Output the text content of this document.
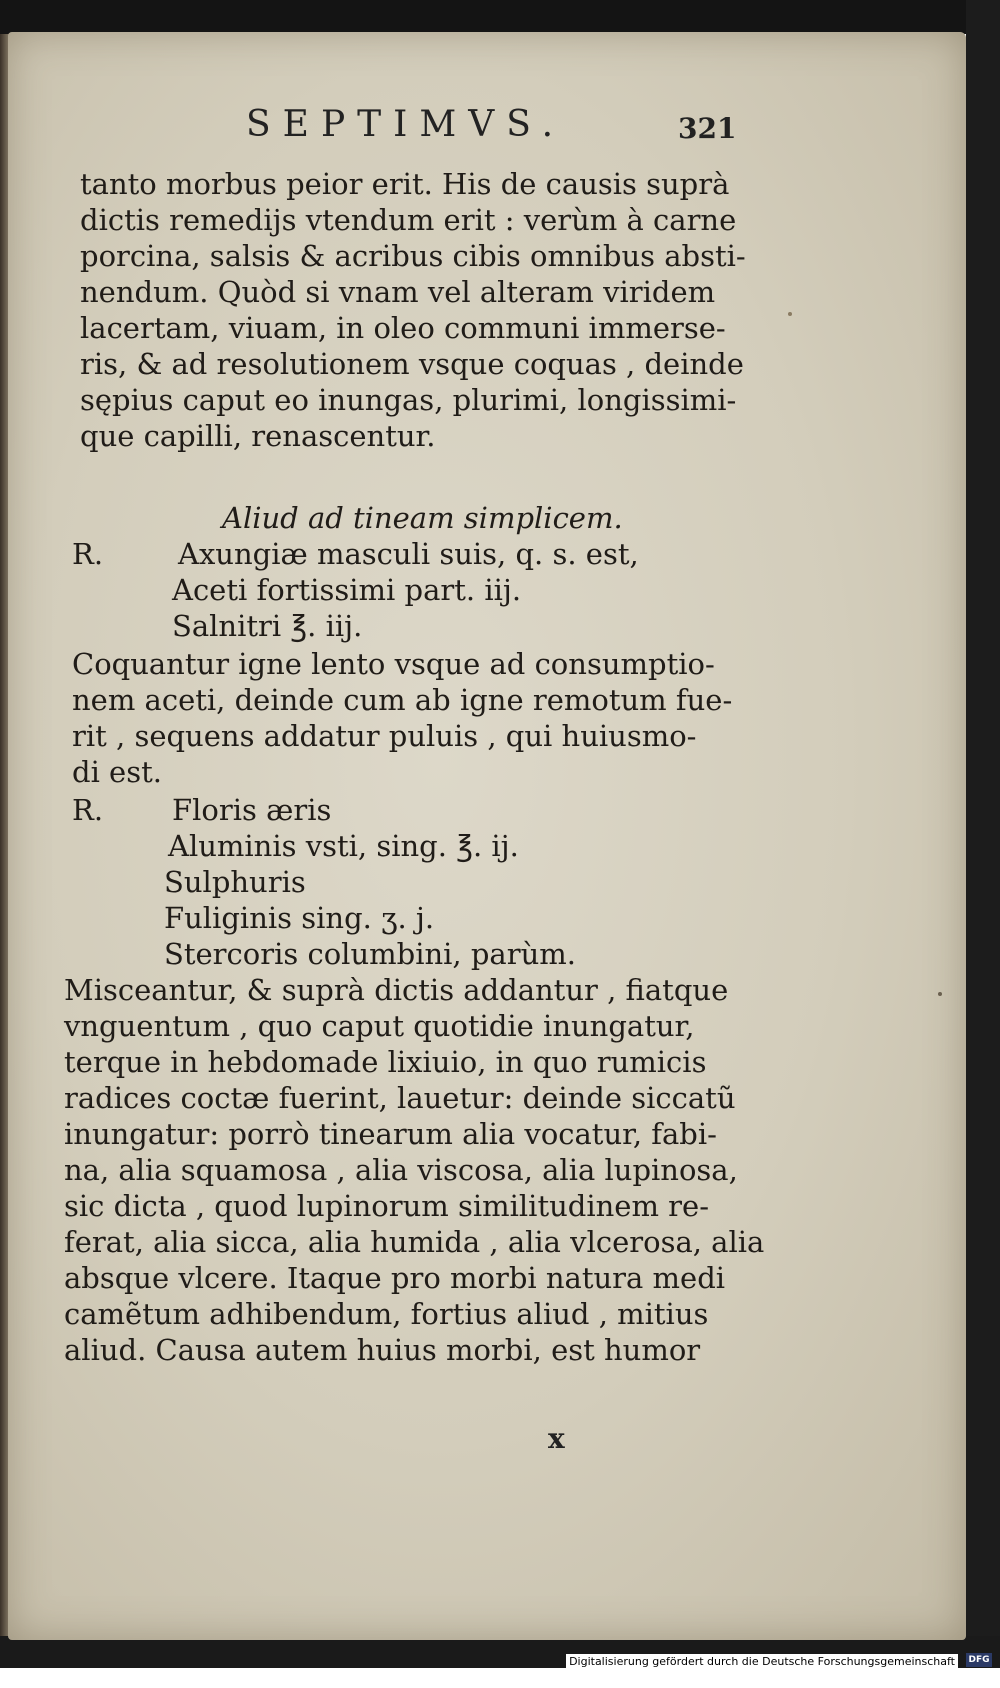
SEPTIMVS.	321
tanto morbus peior erit. His de causis suprà
dictis remedijs vtendum erit : verùm à carne
porcina, salsis & acribus cibis omnibus absti-
nendum. Quòd si vnam vel alteram viridem
lacertam, viuam, in oleo communi immerse-
ris, & ad resolutionem vsque coquas , deinde
sępius caput eo inungas, plurimi, longissimi-
que capilli, renascentur.
Aliud ad tineam simplicem.
R.	Axungiæ masculi suis, q. s. est,
Aceti fortissimi part. iij.
Salnitri ℥. iij.
Coquantur igne lento vsque ad consumptio-
nem aceti, deinde cum ab igne remotum fue-
rit , sequens addatur puluis , qui huiusmo-
di est.
R. Floris æris
Aluminis vsti, sing. ℥. ij.
Sulphuris
Fuliginis sing. ʒ. j.
Stercoris columbini, parùm.
Misceantur, & suprà dictis addantur , fiatque
vnguentum , quo caput quotidie inungatur,
terque in hebdomade lixiuio, in quo rumicis
radices coctæ fuerint, lauetur: deinde siccatũ
inungatur: porrò tinearum alia vocatur, fabi-
na, alia squamosa , alia viscosa, alia lupinosa,
sic dicta , quod lupinorum similitudinem re-
ferat, alia sicca, alia humida , alia vlcerosa, alia
absque vlcere. Itaque pro morbi natura medi
camẽtum adhibendum, fortius aliud , mitius
aliud. Causa autem huius morbi, est humor
x
Digitalisierung gefördert durch die Deutsche Forschungsgemeinschaft	DFG
